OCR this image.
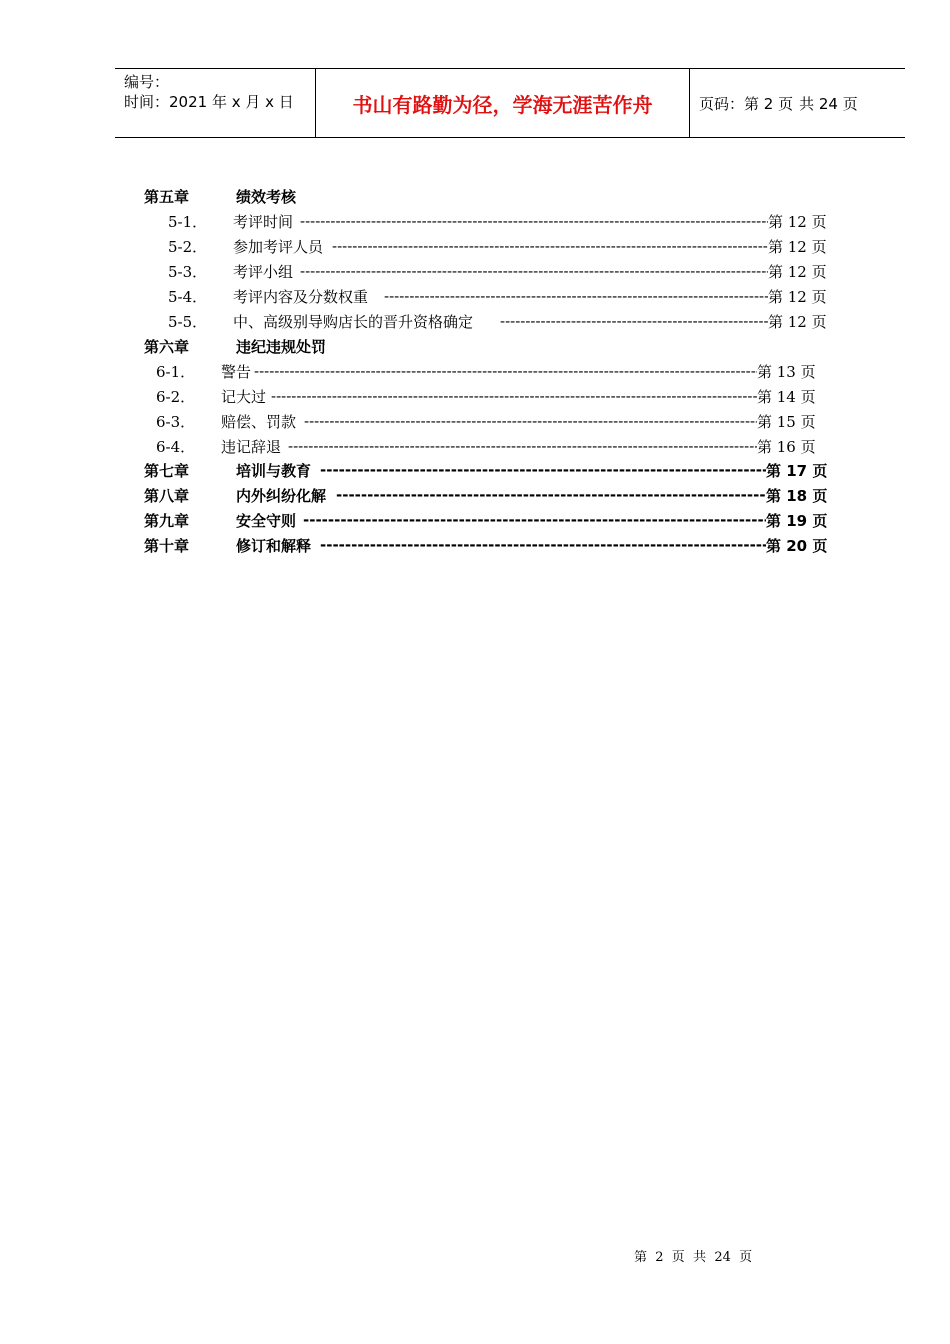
编号：
时间：2021 年 x 月 x 日	书山有路勤为径，学海无涯苦作舟	页码：第 2 页 共 24 页
第五章	绩效考核
5-1． 考评时间 -----	第 12 页
5-2． 参加考评人员 -----	第 12 页
5-3． 考评小组 -----	第 12 页
5-4． 考评内容及分数权重 -----	第 12 页
5-5． 中、高级别导购店长的晋升资格确定 -----	第 12 页
第六章	违纪违规处罚
6-1． 警告 -----	第 13 页
6-2． 记大过 -----	第 14 页
6-3． 赔偿、罚款 -----	第 15 页
6-4． 违记辞退 -----	第 16 页
第七章	培训与教育 -----	第 17 页
第八章	内外纠纷化解 -----	第 18 页
第九章	安全守则 -----	第 19 页
第十章	修订和解释 -----	第 20 页
第  2  页  共  24  页
